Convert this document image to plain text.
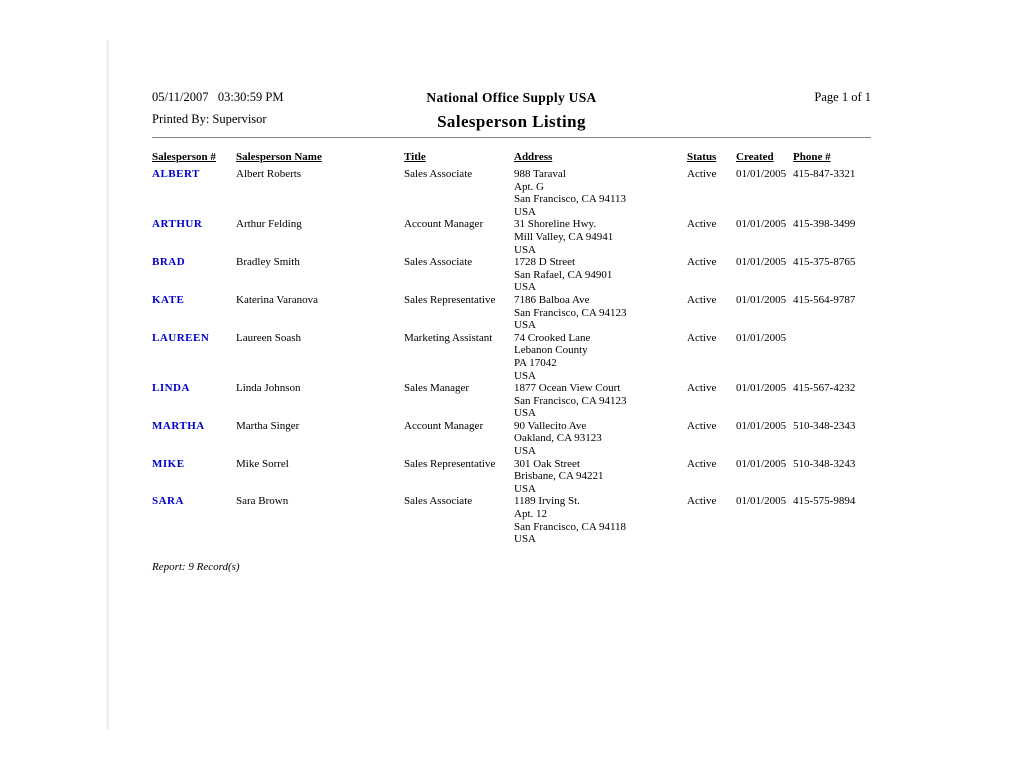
05/11/2007   03:30:59 PM
Printed By: Supervisor
National Office Supply USA
Salesperson Listing
Page 1 of 1
Salesperson #	Salesperson Name	Title	Address	Status	Created	Phone #
ALBERT	Albert Roberts	Sales Associate	988 Taraval
Apt. G
San Francisco, CA 94113
USA
Active	01/01/2005 415-847-3321
ARTHUR	Arthur Felding	Account Manager	31 Shoreline Hwy.
Mill Valley, CA 94941
USA
Active	01/01/2005 415-398-3499
BRAD	Bradley Smith	Sales Associate	1728 D Street
San Rafael, CA 94901
USA
Active	01/01/2005 415-375-8765
KATE	Katerina Varanova	Sales Representative	7186 Balboa Ave
San Francisco, CA 94123
USA
Active	01/01/2005 415-564-9787
LAUREEN	Laureen Soash	Marketing Assistant	74 Crooked Lane
Lebanon County
PA 17042
USA
Active	01/01/2005
LINDA	Linda Johnson	Sales Manager	1877 Ocean View Court
San Francisco, CA 94123
USA
Active	01/01/2005 415-567-4232
MARTHA	Martha Singer	Account Manager	90 Vallecito Ave
Oakland, CA 93123
USA
Active	01/01/2005 510-348-2343
MIKE	Mike Sorrel	Sales Representative	301 Oak Street
Brisbane, CA 94221
USA
Active	01/01/2005 510-348-3243
SARA	Sara Brown	Sales Associate	1189 Irving St.
Apt. 12
San Francisco, CA 94118
USA
Active	01/01/2005 415-575-9894
Report: 9 Record(s)
